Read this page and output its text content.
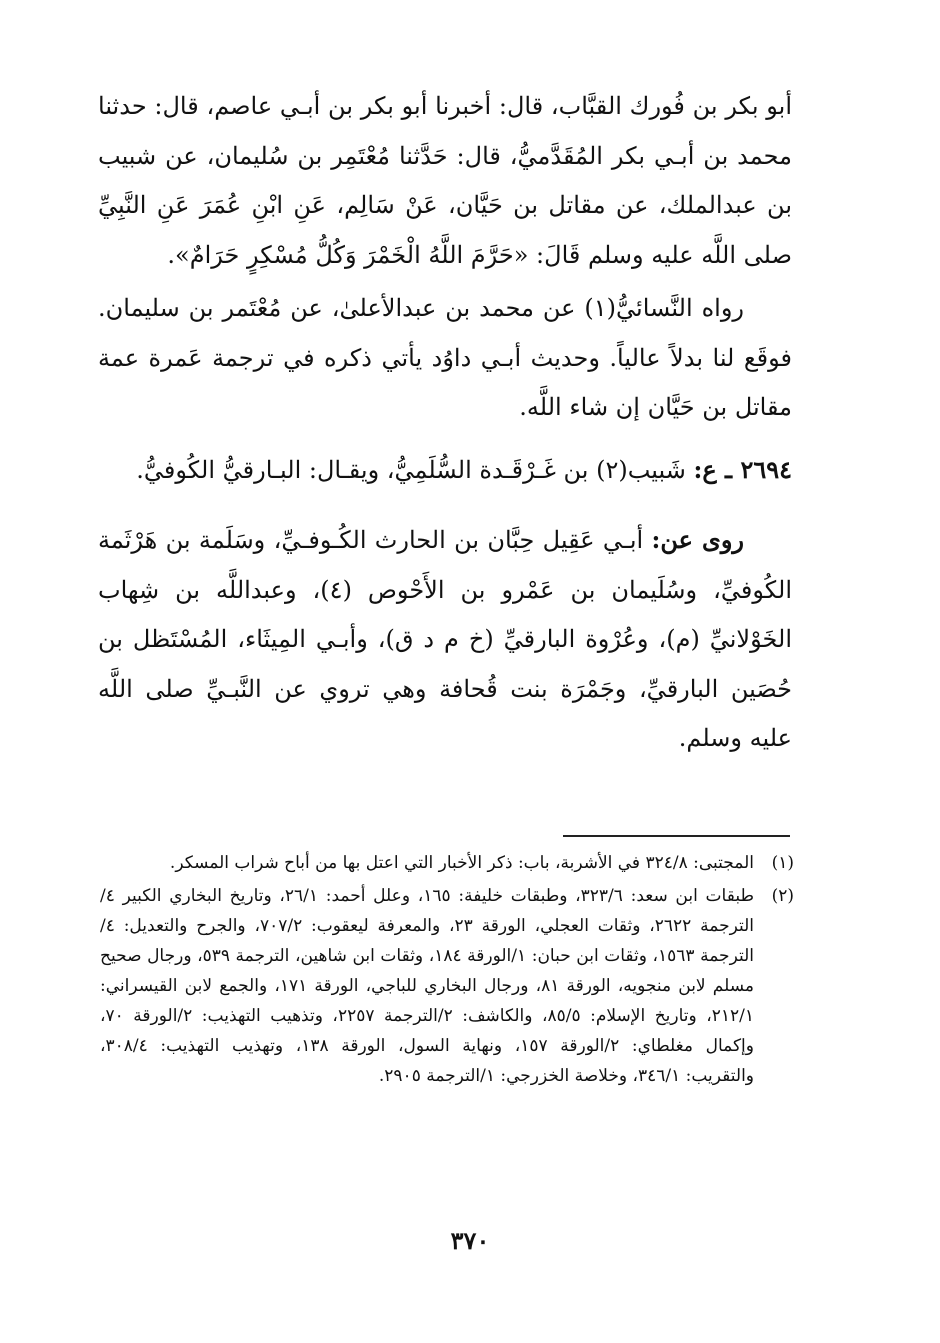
أبو بكر بن فُورك القبَّاب، قال: أخبرنا أبو بكر بن أبـي عاصم، قال: حدثنا محمد بن أبـي بكر المُقَدَّميُّ، قال: حَدَّثنا مُعْتَمِر بن سُليمان، عن شبيب بن عبدالملك، عن مقاتل بن حَيَّان، عَنْ سَالِم، عَنِ ابْنِ عُمَرَ عَنِ النَّبِيِّ صلى اللَّه عليه وسلم قَالَ: «حَرَّمَ اللَّهُ الْخَمْرَ وَكُلُّ مُسْكِرٍ حَرَامٌ».

رواه النَّسائيُّ(١) عن محمد بن عبدالأعلىٰ، عن مُعْتَمر بن سليمان. فوقَع لنا بدلاً عالياً. وحديث أبـي داوُد يأتي ذكره في ترجمة عَمرة عمة مقاتل بن حَيَّان إن شاء اللَّه.

٢٦٩٤ ـ ع: شَبيب(٢) بن غَـرْقَـدة السُّلَمِيُّ، ويقـال: البـارقيُّ الكُوفيُّ.

روى عن: أبـي عَقِيل حِبَّان بن الحارث الكُـوفـيِّ، وسَلَمة بن هَرْثَمة الكُوفيِّ، وسُلَيمان بن عَمْرو بن الأَحْوص (٤)، وعبداللَّه بن شِهاب الخَوْلانيِّ (م)، وعُرْوة البارقيِّ (خ م د ق)، وأبـي المِيثَاء، المُسْتَظل بن حُصَين البارقيِّ، وجَمْرَة بنت قُحافة وهي تروي عن النَّبـيِّ صلى اللَّه عليه وسلم.

(١)
المجتبى: ٣٢٤/٨ في الأشربة، باب: ذكر الأخبار التي اعتل بها من أباح شراب المسكر.
(٢)
طبقات ابن سعد: ٣٢٣/٦، وطبقات خليفة: ١٦٥، وعلل أحمد: ٢٦/١، وتاريخ البخاري الكبير ٤/الترجمة ٢٦٢٢، وثقات العجلي، الورقة ٢٣، والمعرفة ليعقوب: ٧٠٧/٢، والجرح والتعديل: ٤/الترجمة ١٥٦٣، وثقات ابن حبان: ١/الورقة ١٨٤، وثقات ابن شاهين، الترجمة ٥٣٩، ورجال صحيح مسلم لابن منجويه، الورقة ٨١، ورجال البخاري للباجي، الورقة ١٧١، والجمع لابن القيسراني: ٢١٢/١، وتاريخ الإسلام: ٨٥/٥، والكاشف: ٢/الترجمة ٢٢٥٧، وتذهيب التهذيب: ٢/الورقة ٧٠، وإكمال مغلطاي: ٢/الورقة ١٥٧، ونهاية السول، الورقة ١٣٨، وتهذيب التهذيب: ٣٠٨/٤، والتقريب: ٣٤٦/١، وخلاصة الخزرجي: ١/الترجمة ٢٩٠٥.
٣٧٠
